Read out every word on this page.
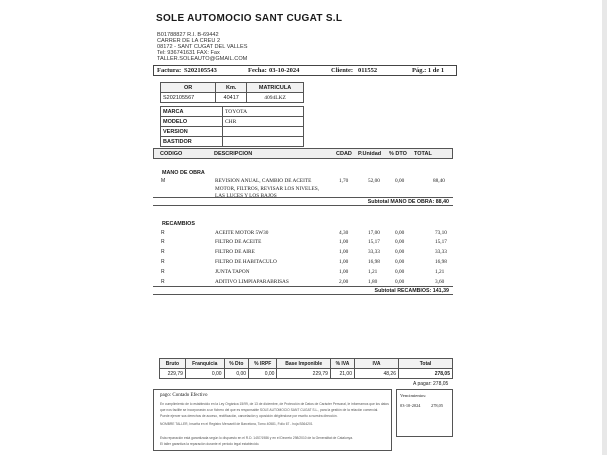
SOLE AUTOMOCIO SANT CUGAT S.L
B01788827 R.I. B-69442
CARRER DE LA CREU 2
08172 - SANT CUGAT DEL VALLES
Tel: 936741631 FAX: Fax
TALLER.SOLEAUTO@GMAIL.COM
Factura: S202105543	Fecha: 03-10-2024	Cliente: 011552	Pág.: 1 de 1
OR	Km.	MATRICULA
S202105567	40417	4094LKZ
MARCA	TOYOTA
MODELO	CHR
VERSION	
BASTIDOR	
CODIGO	DESCRIPCION	CDAD P.Unidad % DTO TOTAL
MANO DE OBRA
M	REVISION ANUAL, CAMBIO DE ACEITE	1,70	52,00	0,00	88,40
MOTOR, FILTROS, REVISAR LOS NIVELES,
LAS LUCES Y LOS BAJOS
Subtotal MANO DE OBRA: 88,40
RECAMBIOS
R	ACEITE MOTOR 5W30	4,30	17,00	0,00	73,10
R	FILTRO DE ACEITE	1,00	15,17	0,00	15,17
R	FILTRO DE AIRE	1,00	33,33	0,00	33,33
R	FILTRO DE HABITACULO	1,00	16,98	0,00	16,98
R	JUNTA TAPON	1,00	1,21	0,00	1,21
R	ADITIVO LIMPIAPARABRISAS	2,00	1,80	0,00	3,60
Subtotal RECAMBIOS: 141,39
Bruto	Franquicia	% Dto	% IRPF	Base Imponible	% IVA	IVA	Total
229,79	0,00	0,00	0,00	229,79	21,00	48,26	278,05
A pagar: 278,05
pago: Contado Efectivo
En cumplimiento de lo establecido en la Ley Orgánica 15/99, de 13 de diciembre, de Protección de Datos de Carácter Personal, le informamos que los datos
que nos facilite se incorporarán a un fichero del que es responsable SOLE AUTOMOCIO SANT CUGAT S.L., para la gestión de la relación comercial.
Puede ejercer sus derechos de acceso, rectificación, cancelación y oposición dirigiéndose por escrito a nuestra dirección.
NOMBRE TALLER, Inscrita en el Registro Mercantil de Barcelona, Tomo 40581, Folio 67 - hoja B364201
Esta reparación está garantizada según lo dispuesto en el R.D. 1457/1986 y en el Decreto 298/2010 de la Generalitat de Catalunya.
El taller garantiza la reparación durante el periodo legal establecido.
Vencimientos:
03-10-2024 278,05
